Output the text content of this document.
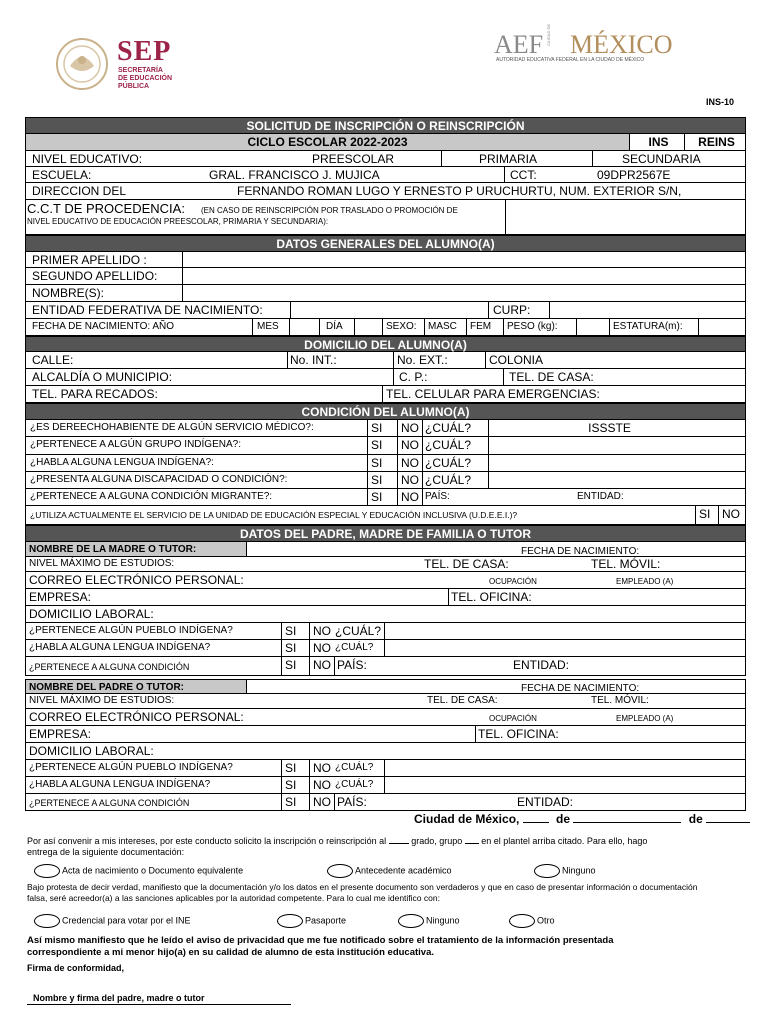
SEP
SECRETARÍA
DE EDUCACIÓN
PÚBLICA
AEF CIUDAD DE MÉXICO
AUTORIDAD EDUCATIVA FEDERAL EN LA CIUDAD DE MÉXICO
INS-10
SOLICITUD DE INSCRIPCIÓN O REINSCRIPCIÓN
CICLO ESCOLAR 2022-2023	INS	REINS
NIVEL EDUCATIVO:	PREESCOLAR	PRIMARIA	SECUNDARIA
ESCUELA:	GRAL. FRANCISCO J. MUJICA	CCT:	09DPR2567E
DIRECCION DEL	FERNANDO ROMAN LUGO Y ERNESTO P URUCHURTU, NUM. EXTERIOR S/N,
C.C.T DE PROCEDENCIA: (EN CASO DE REINSCRIPCIÓN POR TRASLADO O PROMOCIÓN DE
NIVEL EDUCATIVO DE EDUCACIÓN PREESCOLAR, PRIMARIA Y SECUNDARIA):
DATOS GENERALES DEL ALUMNO(A)
PRIMER APELLIDO :
SEGUNDO APELLIDO:
NOMBRE(S):
ENTIDAD FEDERATIVA DE NACIMIENTO:	CURP:
FECHA DE NACIMIENTO: AÑO	MES	DÍA	SEXO:	MASC	FEM	PESO (kg):	ESTATURA(m):
DOMICILIO DEL ALUMNO(A)
CALLE:	No. INT.:	No. EXT.:	COLONIA
ALCALDÍA O MUNICIPIO:	C. P.:	TEL. DE CASA:
TEL. PARA RECADOS:	TEL. CELULAR PARA EMERGENCIAS:
CONDICIÓN DEL ALUMNO(A)
¿ES DEREECHOHABIENTE DE ALGÚN SERVICIO MÉDICO?:	SI	NO ¿CUÁL?	ISSSTE
¿PERTENECE A ALGÚN GRUPO INDÍGENA?:	SI	NO ¿CUÁL?
¿HABLA ALGUNA LENGUA INDÍGENA?:	SI	NO ¿CUÁL?
¿PRESENTA ALGUNA DISCAPACIDAD O CONDICIÓN?:	SI	NO ¿CUÁL?
¿PERTENECE A ALGUNA CONDICIÓN MIGRANTE?:	SI	NO PAÍS:	ENTIDAD:
¿UTILIZA ACTUALMENTE EL SERVICIO DE LA UNIDAD DE EDUCACIÓN ESPECIAL Y EDUCACIÓN INCLUSIVA (U.D.E.E.I.)?	SI NO
DATOS DEL PADRE, MADRE DE FAMILIA O TUTOR
NOMBRE DE LA MADRE O TUTOR:	FECHA DE NACIMIENTO:
NIVEL MÁXIMO DE ESTUDIOS:	TEL. DE CASA:	TEL. MÓVIL:
CORREO ELECTRÓNICO PERSONAL:	OCUPACIÓN	EMPLEADO (A)
EMPRESA:	TEL. OFICINA:
DOMICILIO LABORAL:
¿PERTENECE ALGÚN PUEBLO INDÍGENA?	SI	NO ¿CUÁL?
¿HABLA ALGUNA LENGUA INDÍGENA?	SI	NO ¿CUÁL?
¿PERTENECE A ALGUNA CONDICIÓN	SI	NO PAÍS:	ENTIDAD:
NOMBRE DEL PADRE O TUTOR:	FECHA DE NACIMIENTO:
NIVEL MÁXIMO DE ESTUDIOS:	TEL. DE CASA:	TEL. MÓVIL:
CORREO ELECTRÓNICO PERSONAL:	OCUPACIÓN	EMPLEADO (A)
EMPRESA:	TEL. OFICINA:
DOMICILIO LABORAL:
¿PERTENECE ALGÚN PUEBLO INDÍGENA?	SI	NO ¿CUÁL?
¿HABLA ALGUNA LENGUA INDÍGENA?	SI	NO ¿CUÁL?
¿PERTENECE A ALGUNA CONDICIÓN	SI	NO PAÍS:	ENTIDAD:
Ciudad de México,	de	de
Por así convenir a mis intereses, por este conducto solicito la inscripción o reinscripción al	grado, grupo en el plantel arriba citado. Para ello, hago
entrega de la siguiente documentación:
Acta de nacimiento o Documento equivalente	Antecedente académico	Ninguno
Bajo protesta de decir verdad, manifiesto que la documentación y/o los datos en el presente documento son verdaderos y que en caso de presentar información o documentación
falsa, seré acreedor(a) a las sanciones aplicables por la autoridad competente. Para lo cual me identifico con:
Credencial para votar por el INE	Pasaporte	Ninguno	Otro
Así mismo manifiesto que he leído el aviso de privacidad que me fue notificado sobre el tratamiento de la información presentada
correspondiente a mi menor hijo(a) en su calidad de alumno de esta institución educativa.
Firma de conformidad,
Nombre y firma del padre, madre o tutor
